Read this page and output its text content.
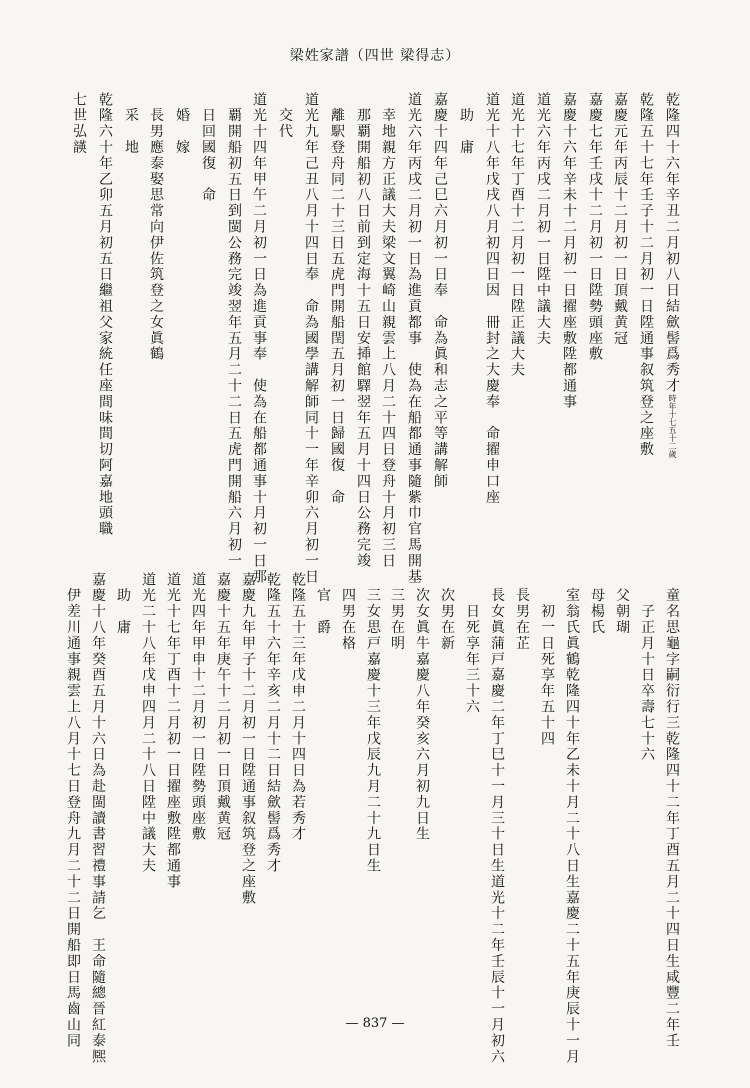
梁姓家譜（四世 梁得志）
乾隆四十六年辛丑二月初八日結歛髻爲秀才時年十七五十二歲
乾隆五十七年壬子十二月初一日陞通事叙筑登之座敷
嘉慶元年丙辰十二月初一日頂戴黄冠
嘉慶七年壬戌十二月初一日陞勢頭座敷
嘉慶十六年辛未十二月初一日擢座敷陞都通事
道光六年丙戌二月初一日陞中議大夫
道光十七年丁酉十二月初一日陞正議大夫
道光十八年戊戌八月初四日因　冊封之大慶奉　命擢申口座
　助　庸
嘉慶十四年己巳六月初一日奉　命為眞和志之平等講解師
道光六年丙戌二月初一日為進貢都事　使為在船都通事隨紫巾官馬開基
　幸地親方正議大夫梁文翼崎山親雲上八月二十四日登舟十月初三日
　那覇開船初八日前到定海十五日安揷館驛翌年五月十四日公務完竣
　離駅登舟同二十三日五虎門開船閏五月初一日歸國復　命
道光九年己丑八月十四日奉　命為國學講解師同十一年辛卯六月初一日
　交代
道光十四年甲午二月初一日為進貢事奉　使為在船都通事十月初一日那
　覇開船初五日到閩公務完竣翌年五月二十二日五虎門開船六月初一
　日回國復　命
　婚　嫁
　長男應泰娶思常向伊佐筑登之女眞鶴
　采　地
乾隆六十年乙卯五月初五日繼祖父家統任座間味間切阿嘉地頭職
七世弘韺
　童名思龜字嗣衍行三乾隆四十二年丁酉五月二十四日生咸豐二年壬
　　子正月十日卒壽七十六
　父朝瑚
　母楊氏
　室翁氏眞鶴乾隆四十年乙未十月二十八日生嘉慶二十五年庚辰十一月
　　初一日死享年五十四
　長男在芷
　長女眞蒲戸嘉慶二年丁巳十一月三十日生道光十二年壬辰十一月初六
　　日死享年三十六
　次男在新
　次女眞牛嘉慶八年癸亥六月初九日生
　三男在明
　三女思戸嘉慶十三年戊辰九月二十九日生
　四男在格
　官　爵
乾隆五十三年戊申二月十四日為若秀才
乾隆五十六年辛亥二月十二日結歛髻爲秀才
嘉慶九年甲子十二月初一日陞通事叙筑登之座敷
嘉慶十五年庚午十二月初一日頂戴黄冠
道光四年甲申十二月初一日陞勢頭座敷
道光十七年丁酉十二月初一日擢座敷陞都通事
道光二十八年戊申四月二十八日陞中議大夫
　助　庸
嘉慶十八年癸酉五月十六日為赴閩讀書習禮事請乞　王命隨總晉紅泰熈
　伊差川通事親雲上八月十七日登舟九月二十二日開船即日馬齒山同	— 837 —
